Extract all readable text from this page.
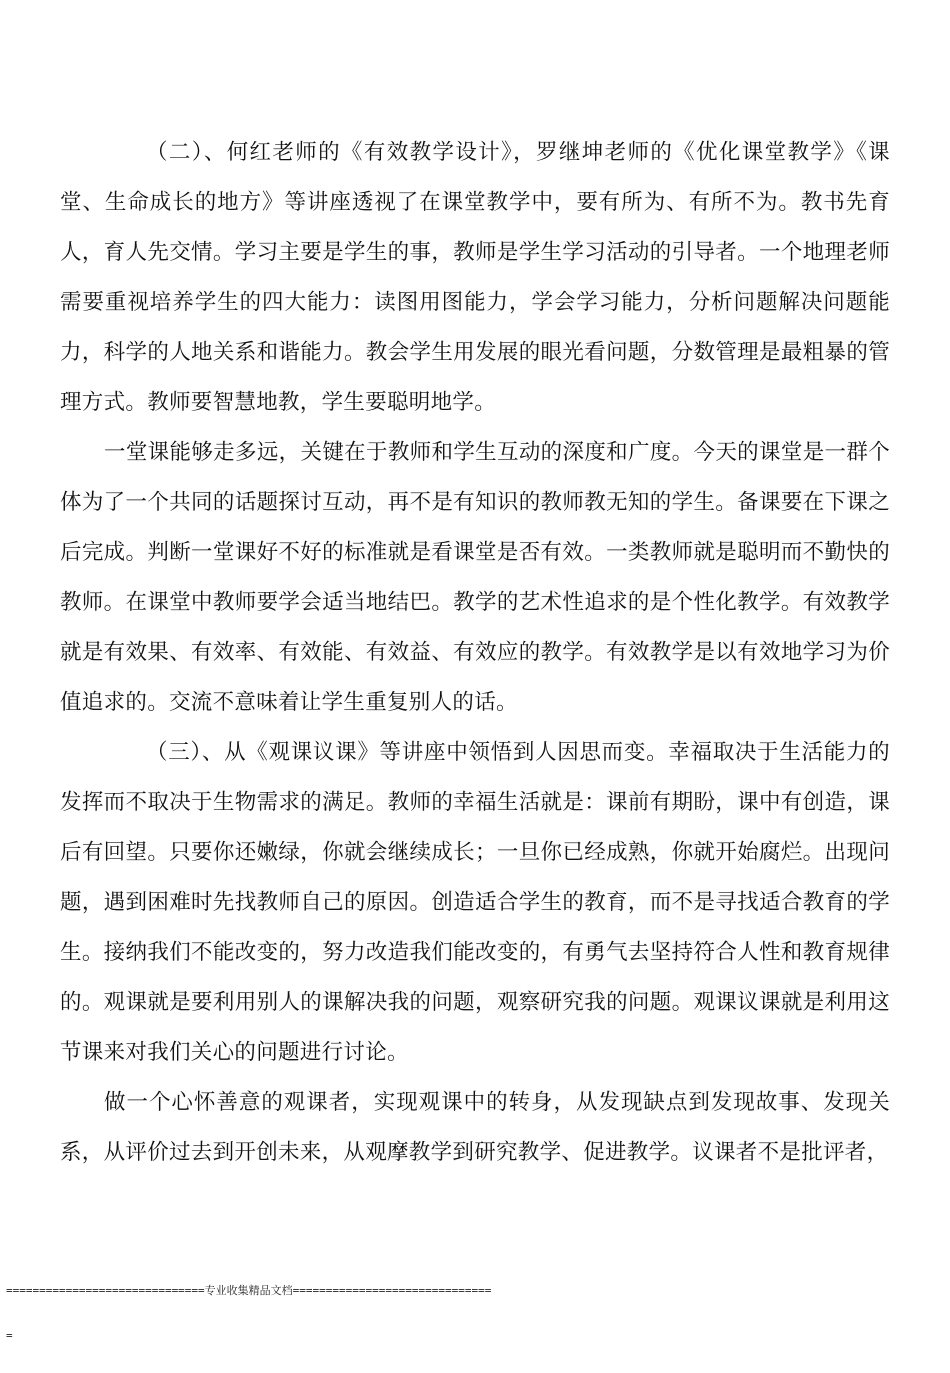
（二）、何红老师的《有效教学设计》，罗继坤老师的《优化课堂教学》《课堂、生命成长的地方》等讲座透视了在课堂教学中，要有所为、有所不为。教书先育人，育人先交情。学习主要是学生的事，教师是学生学习活动的引导者。一个地理老师需要重视培养学生的四大能力：读图用图能力，学会学习能力，分析问题解决问题能力，科学的人地关系和谐能力。教会学生用发展的眼光看问题，分数管理是最粗暴的管理方式。教师要智慧地教，学生要聪明地学。

一堂课能够走多远，关键在于教师和学生互动的深度和广度。今天的课堂是一群个体为了一个共同的话题探讨互动，再不是有知识的教师教无知的学生。备课要在下课之后完成。判断一堂课好不好的标准就是看课堂是否有效。一类教师就是聪明而不勤快的教师。在课堂中教师要学会适当地结巴。教学的艺术性追求的是个性化教学。有效教学就是有效果、有效率、有效能、有效益、有效应的教学。有效教学是以有效地学习为价值追求的。交流不意味着让学生重复别人的话。

（三）、从《观课议课》等讲座中领悟到人因思而变。幸福取决于生活能力的发挥而不取决于生物需求的满足。教师的幸福生活就是：课前有期盼，课中有创造，课后有回望。只要你还嫩绿，你就会继续成长；一旦你已经成熟，你就开始腐烂。出现问题，遇到困难时先找教师自己的原因。创造适合学生的教育，而不是寻找适合教育的学生。接纳我们不能改变的，努力改造我们能改变的，有勇气去坚持符合人性和教育规律的。观课就是要利用别人的课解决我的问题，观察研究我的问题。观课议课就是利用这节课来对我们关心的问题进行讨论。

做一个心怀善意的观课者，实现观课中的转身，从发现缺点到发现故事、发现关系，从评价过去到开创未来，从观摩教学到研究教学、促进教学。议课者不是批评者，

==============================专业收集精品文档==============================

=
